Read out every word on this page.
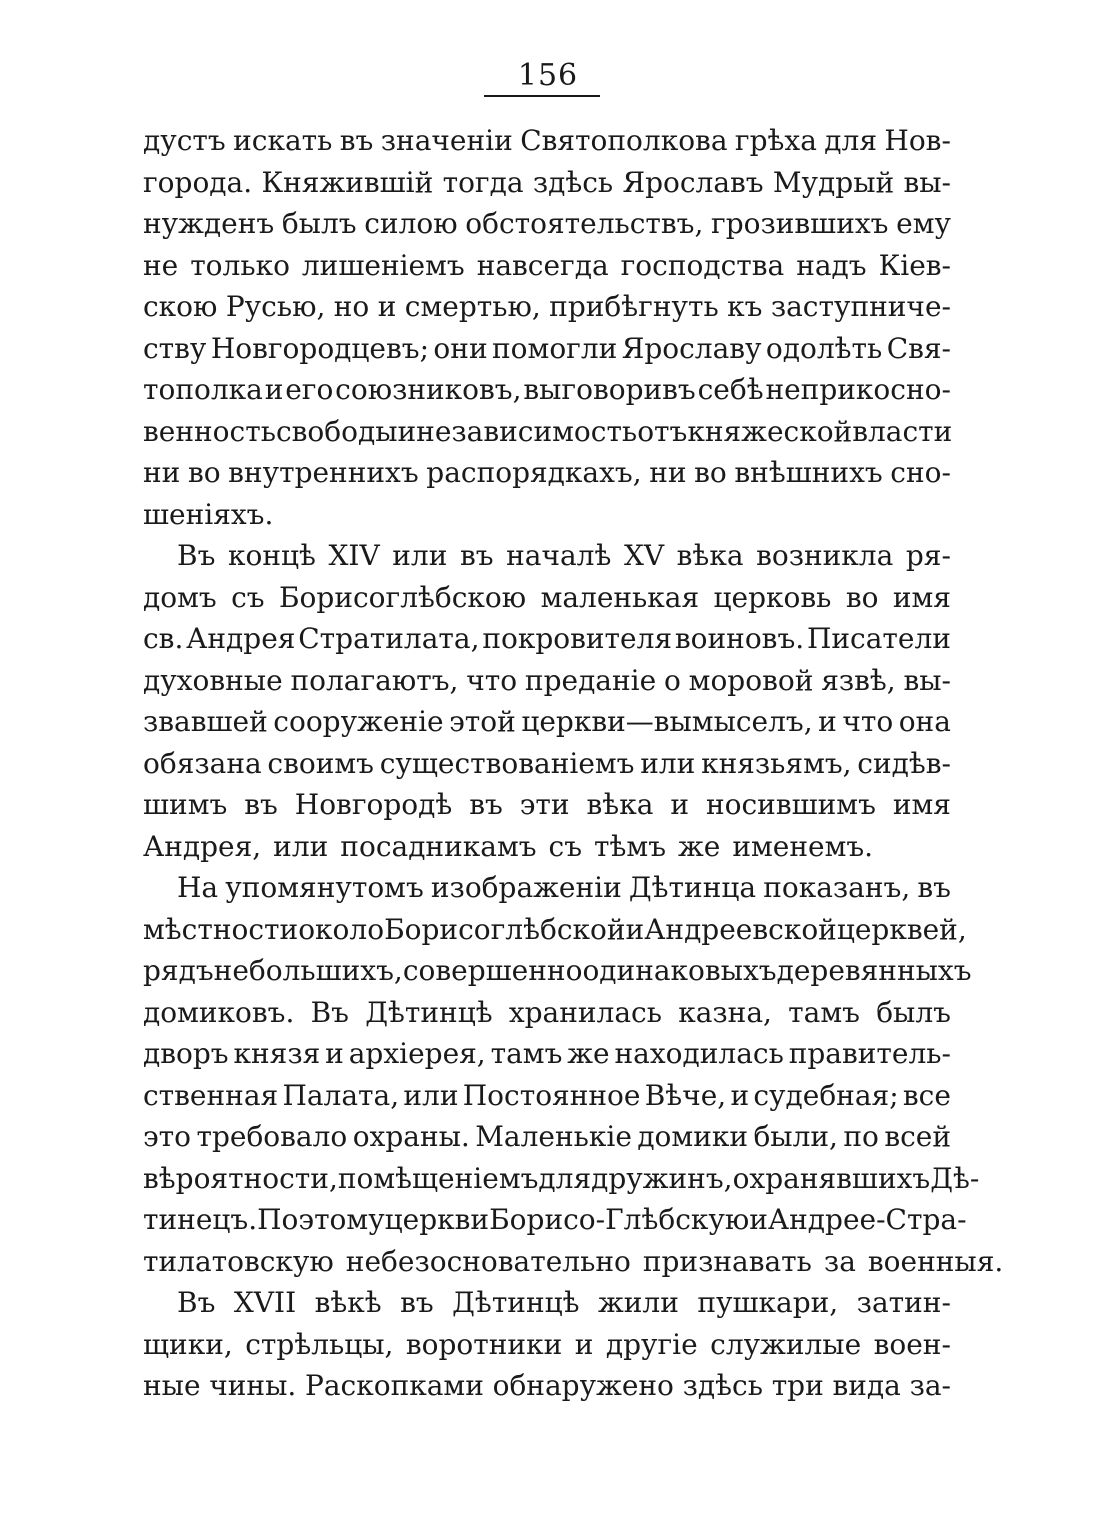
156
дустъ искать въ значенiи Святополкова грѣха для Нов-
города. Княжившiй тогда здѣсь Ярославъ Мудрый вы-
нужденъ былъ силою обстоятельствъ, грозившихъ ему
не только лишенiемъ навсегда господства надъ Кiев-
скою Русью, но и смертью, прибѣгнуть къ заступниче-
ству Новгородцевъ; они помогли Ярославу одолѣть Свя-
тополка и его союзниковъ, выговоривъ себѣ неприкосно-
венность свободы и независимость отъ княжеской власти
ни во внутреннихъ распорядкахъ, ни во внѣшнихъ сно-
шенiяхъ.
Въ концѣ XIV или въ началѣ XV вѣка возникла ря-
домъ съ Борисоглѣбскою маленькая церковь во имя
св. Андрея Стратилата, покровителя воиновъ. Писатели
духовные полагаютъ, что преданiе о моровой язвѣ, вы-
звавшей сооруженiе этой церкви—вымыселъ, и что она
обязана своимъ существованiемъ или князьямъ, сидѣв-
шимъ въ Новгородѣ въ эти вѣка и носившимъ имя
Андрея, или посадникамъ съ тѣмъ же именемъ.
На упомянутомъ изображенiи Дѣтинца показанъ, въ
мѣстности около Борисоглѣбской и Андреевской церквей,
рядъ небольшихъ, совершенно одинаковыхъ деревянныхъ
домиковъ. Въ Дѣтинцѣ хранилась казна, тамъ былъ
дворъ князя и архiерея, тамъ же находилась правитель-
ственная Палата, или Постоянное Вѣче, и судебная; все
это требовало охраны. Маленькiе домики были, по всей
вѣроятности, помѣщенiемъ для дружинъ, охранявшихъ Дѣ-
тинецъ. Поэтому церкви Борисо-Глѣбскую и Андрее-Стра-
тилатовскую небезосновательно признавать за военныя.
Въ XVII вѣкѣ въ Дѣтинцѣ жили пушкари, затин-
щики, стрѣльцы, воротники и другiе служилые воен-
ные чины. Раскопками обнаружено здѣсь три вида за-
